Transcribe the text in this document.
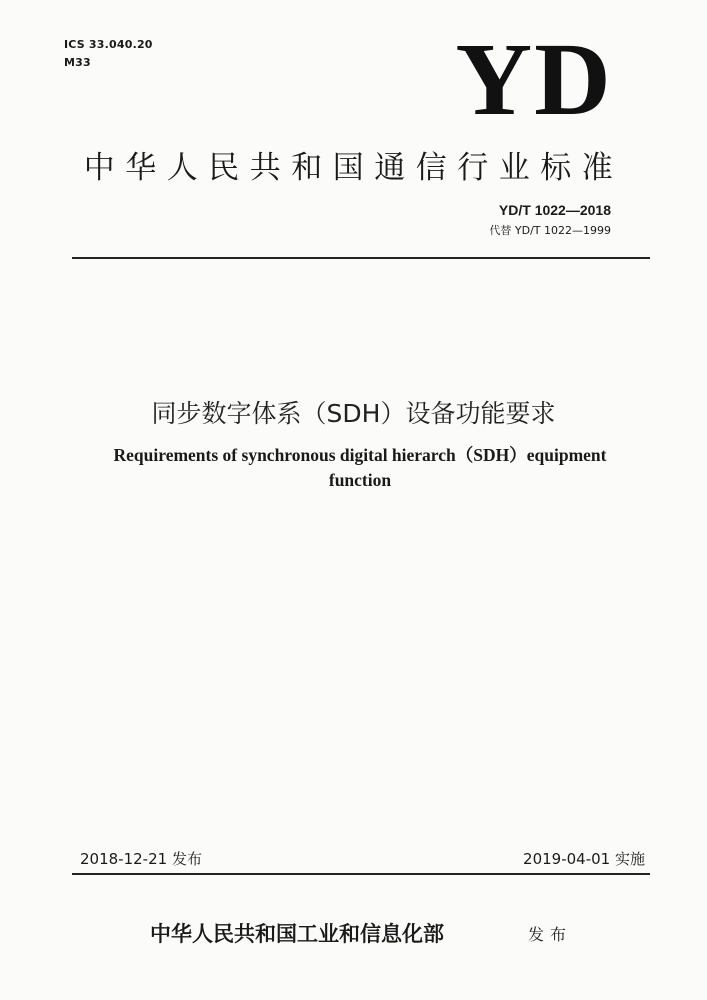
ICS 33.040.20
M33	YD
中华人民共和国通信行业标准
YD/T 1022—2018
代替 YD/T 1022—1999
同步数字体系（SDH）设备功能要求
Requirements of synchronous digital hierarch（SDH）equipment
function
2018-12-21 发布	2019-04-01 实施
中华人民共和国工业和信息化部	发布
